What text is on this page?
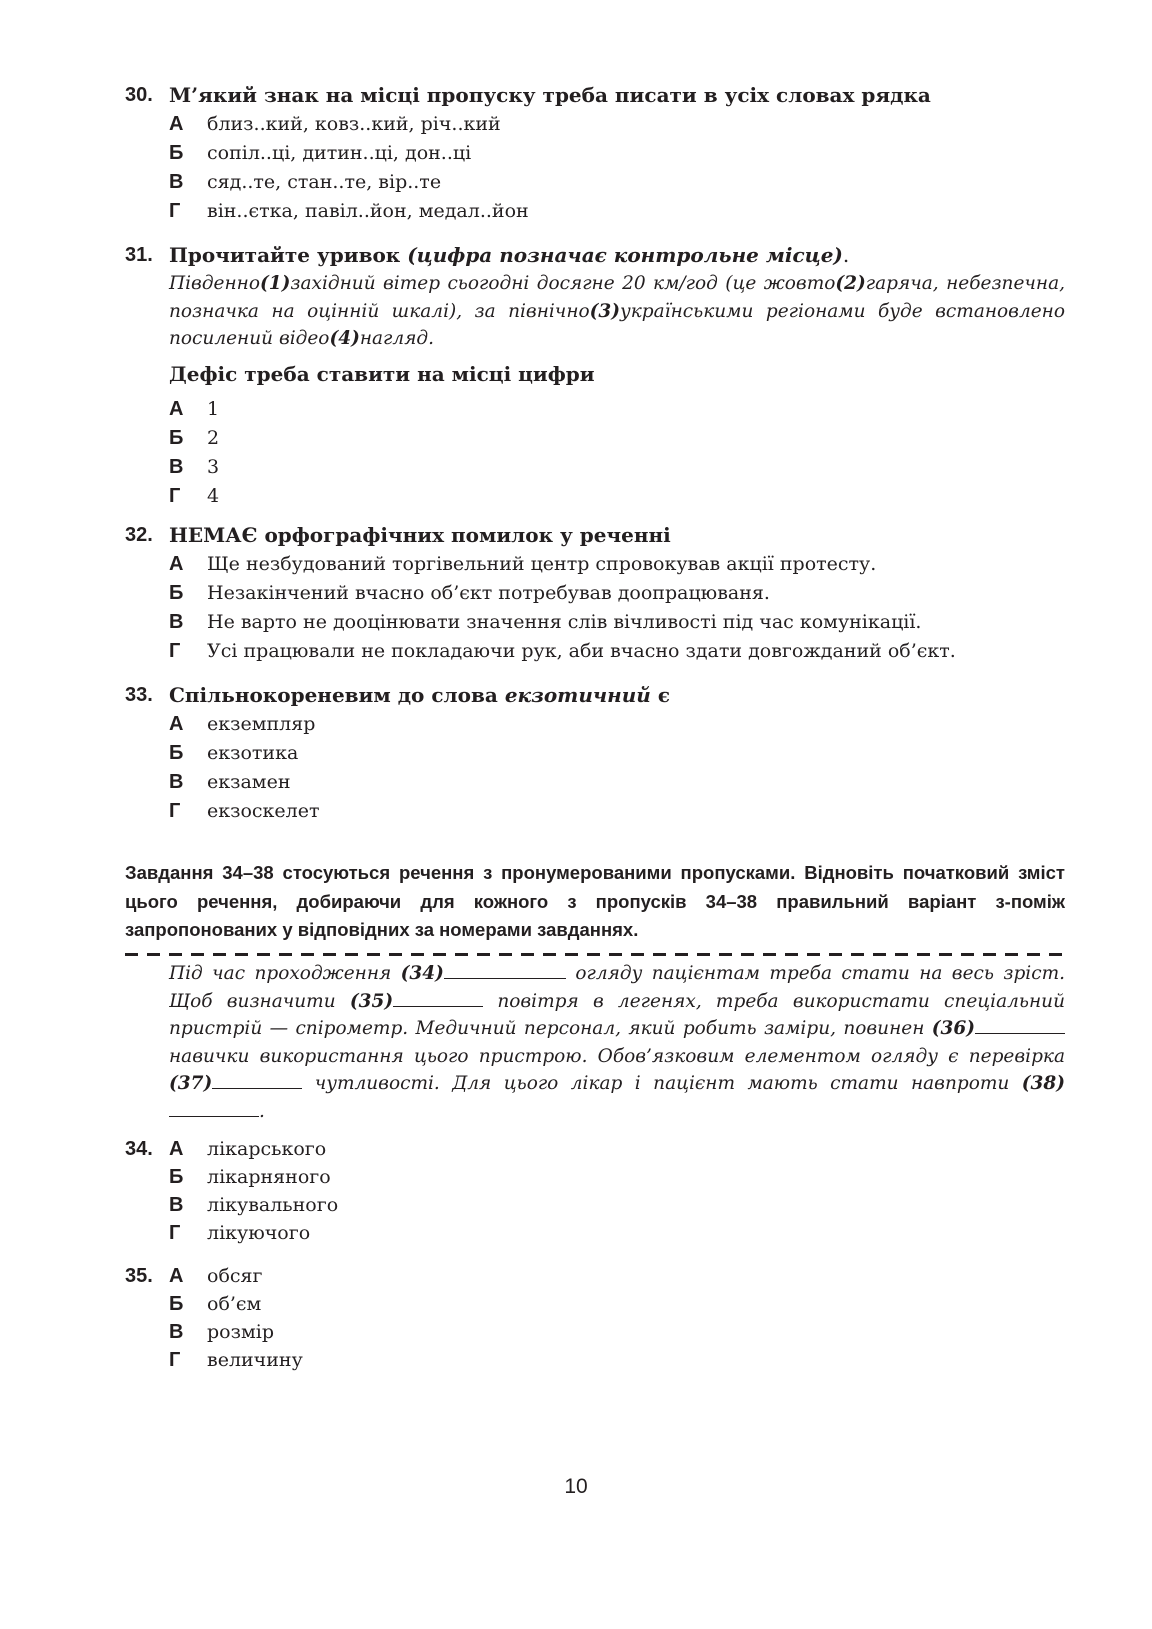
30. М’який знак на місці пропуску треба писати в усіх словах рядка
А близ..кий, ковз..кий, річ..кий
Б сопіл..ці, дитин..ці, дон..ці
В сяд..те, стан..те, вір..те
Г він..єтка, павіл..йон, медал..йон
31. Прочитайте уривок (цифра позначає контрольне місце).
Південно(1)західний вітер сьогодні досягне 20 км/год (це жовто(2)гаряча, небезпечна, позначка на оцінній шкалі), за північно(3)українськими регіонами буде встановлено посилений відео(4)нагляд.
Дефіс треба ставити на місці цифри
А 1
Б 2
В 3
Г 4
32. НЕМАЄ орфографічних помилок у реченні
А Ще незбудований торгівельний центр спровокував акції протесту.
Б Незакінчений вчасно об’єкт потребував доопрацюваня.
В Не варто не дооцінювати значення слів вічливості під час комунікації.
Г Усі працювали не покладаючи рук, аби вчасно здати довгожданий об’єкт.
33. Спільнокореневим до слова екзотичний є
А екземпляр
Б екзотика
В екзамен
Г екзоскелет
Завдання 34–38 стосуються речення з пронумерованими пропусками. Відновіть початковий зміст цього речення, добираючи для кожного з пропусків 34–38 правильний варіант з-поміж запропонованих у відповідних за номерами завданнях.
Під час проходження (34)	огляду пацієнтам треба стати на весь зріст. Щоб визначити (35)	повітря в легенях, треба використати спеціальний пристрій — спірометр. Медичний персонал, який робить заміри, повинен (36) навички використання цього пристрою. Обов’язковим елементом огляду є перевірка (37)	чутливості. Для цього лікар і пацієнт мають стати навпроти (38).
34. А лікарського
Б лікарняного
В лікувального
Г лікуючого
35. А обсяг
Б об’єм
В розмір
Г величину
10
